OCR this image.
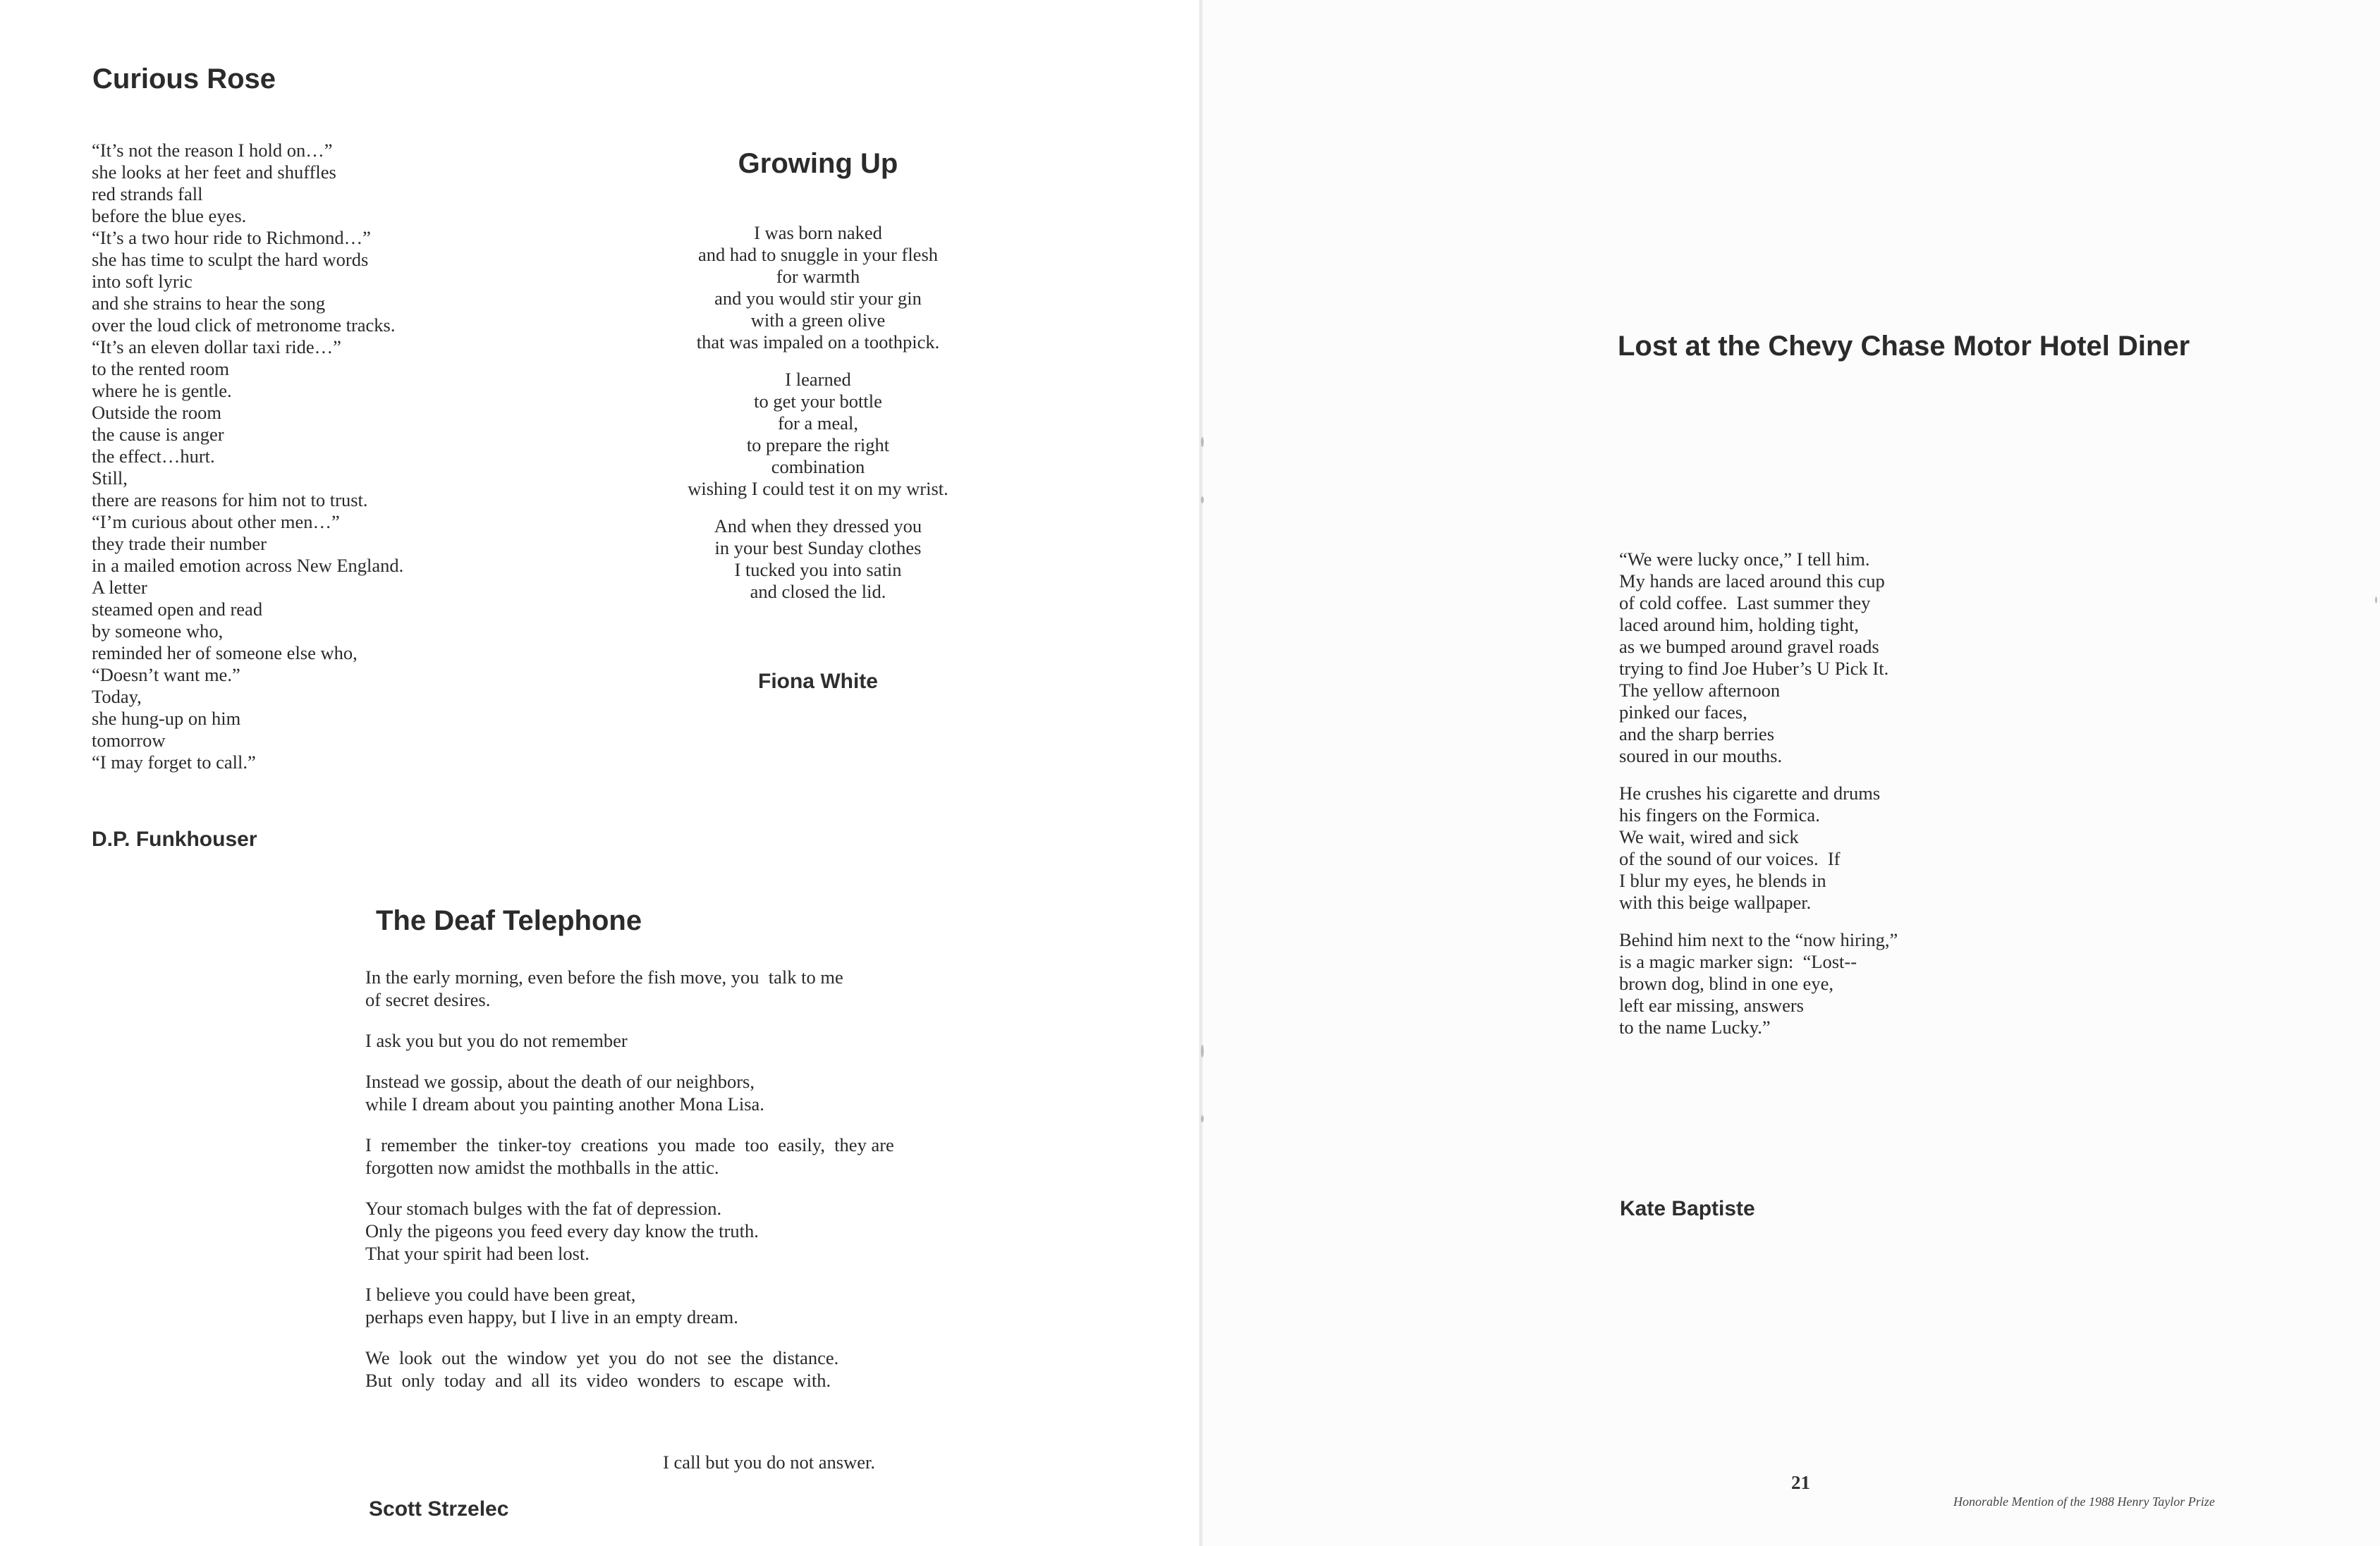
Curious Rose
“It’s not the reason I hold on…”
she looks at her feet and shuffles
red strands fall
before the blue eyes.
“It’s a two hour ride to Richmond…”
she has time to sculpt the hard words
into soft lyric
and she strains to hear the song
over the loud click of metronome tracks.
“It’s an eleven dollar taxi ride…”
to the rented room
where he is gentle.
Outside the room
the cause is anger
the effect…hurt.
Still,
there are reasons for him not to trust.
“I’m curious about other men…”
they trade their number
in a mailed emotion across New England.
A letter
steamed open and read
by someone who,
reminded her of someone else who,
“Doesn’t want me.”
Today,
she hung-up on him
tomorrow
“I may forget to call.”
D.P. Funkhouser
Growing Up
I was born naked
and had to snuggle in your flesh
for warmth
and you would stir your gin
with a green olive
that was impaled on a toothpick.
I learned
to get your bottle
for a meal,
to prepare the right
combination
wishing I could test it on my wrist.
And when they dressed you
in your best Sunday clothes
I tucked you into satin
and closed the lid.
Fiona White
The Deaf Telephone
In the early morning, even before the fish move, you  talk to me
of secret desires.
I ask you but you do not remember
Instead we gossip, about the death of our neighbors,
while I dream about you painting another Mona Lisa.
I  remember  the  tinker-toy  creations  you  made  too  easily,  they are
forgotten now amidst the mothballs in the attic.
Your stomach bulges with the fat of depression.
Only the pigeons you feed every day know the truth.
That your spirit had been lost.
I believe you could have been great,
perhaps even happy, but I live in an empty dream.
We  look  out  the  window  yet  you  do  not  see  the  distance.
But  only  today  and  all  its  video  wonders  to  escape  with.
I call but you do not answer.
Scott Strzelec
Lost at the Chevy Chase Motor Hotel Diner
“We were lucky once,” I tell him.
My hands are laced around this cup
of cold coffee.  Last summer they
laced around him, holding tight,
as we bumped around gravel roads
trying to find Joe Huber’s U Pick It.
The yellow afternoon
pinked our faces,
and the sharp berries
soured in our mouths.
He crushes his cigarette and drums
his fingers on the Formica.
We wait, wired and sick
of the sound of our voices.  If
I blur my eyes, he blends in
with this beige wallpaper.
Behind him next to the “now hiring,”
is a magic marker sign:  “Lost--
brown dog, blind in one eye,
left ear missing, answers
to the name Lucky.”
Kate Baptiste
21
Honorable Mention of the 1988 Henry Taylor Prize
